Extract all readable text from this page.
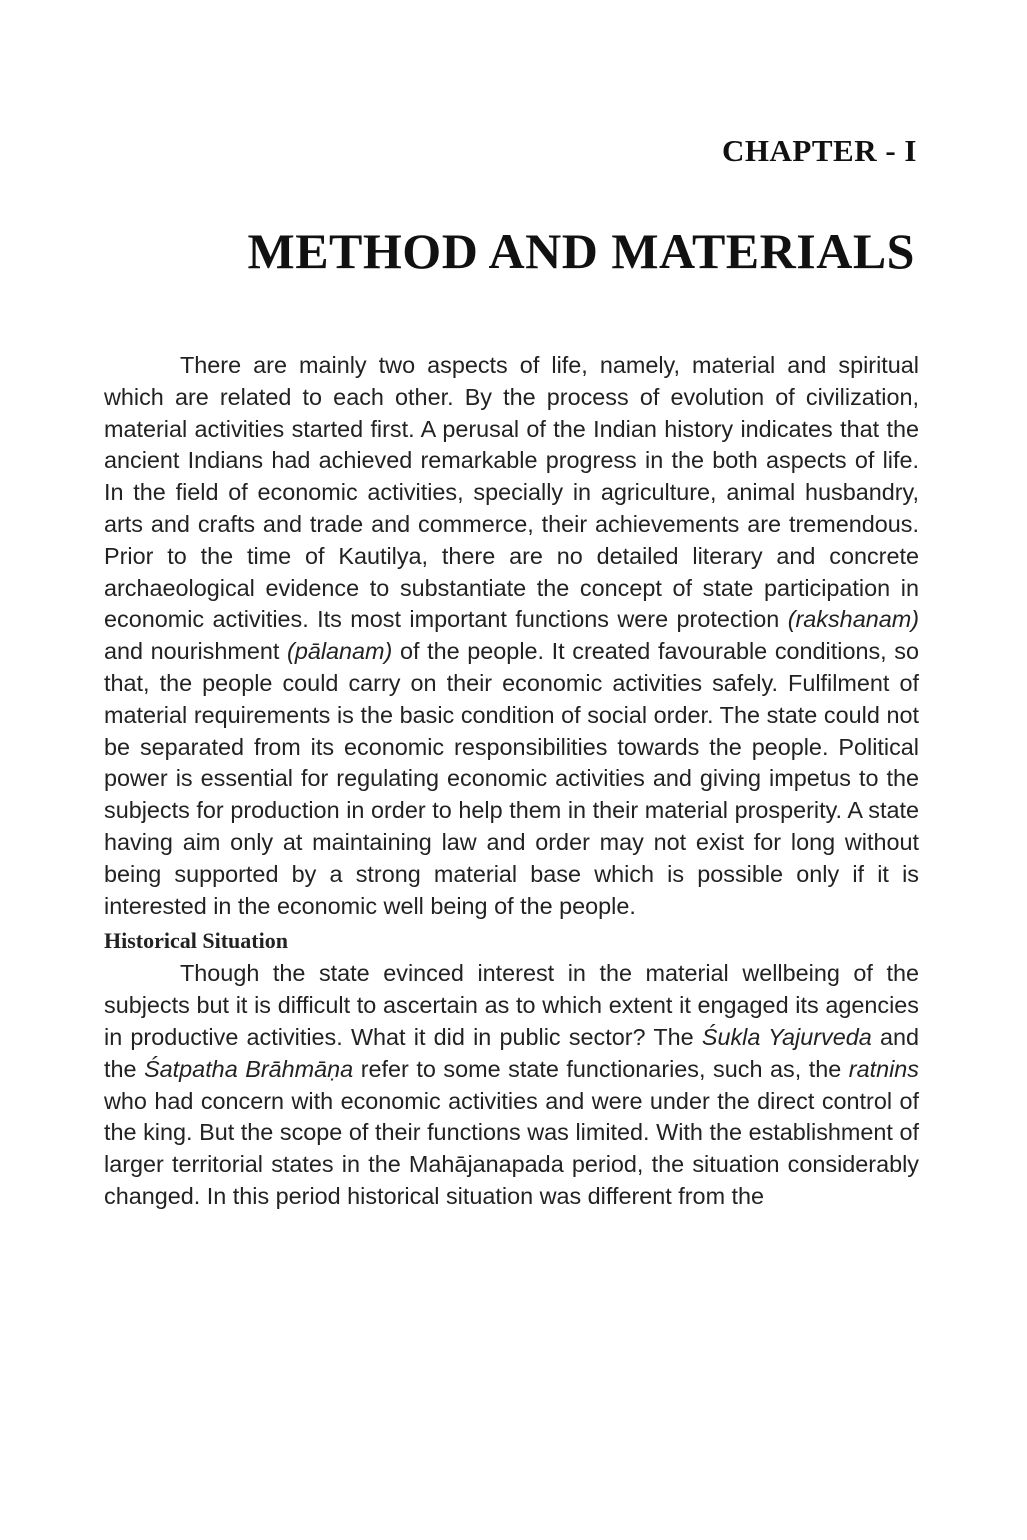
CHAPTER - I
METHOD AND MATERIALS

There are mainly two aspects of life, namely, material and spiritual which are related to each other. By the process of evolution of civilization, material activities started first. A perusal of the Indian history indicates that the ancient Indians had achieved remarkable progress in the both aspects of life. In the field of economic activities, specially in agriculture, animal husbandry, arts and crafts and trade and commerce, their achievements are tremendous. Prior to the time of Kautilya, there are no detailed literary and concrete archaeological evidence to substantiate the concept of state participation in economic activities. Its most important functions were protection (rakshanam) and nourishment (pālanam) of the people. It created favourable conditions, so that, the people could carry on their economic activities safely. Fulfilment of material requirements is the basic condition of social order. The state could not be separated from its economic responsibilities towards the people. Political power is essential for regulating economic activities and giving impetus to the subjects for production in order to help them in their material prosperity. A state having aim only at maintaining law and order may not exist for long without being supported by a strong material base which is possible only if it is interested in the economic well being of the people.

Historical Situation

Though the state evinced interest in the material wellbeing of the subjects but it is difficult to ascertain as to which extent it engaged its agencies in productive activities. What it did in public sector? The Śukla Yajurveda and the Śatpatha Brāhmāṇa refer to some state functionaries, such as, the ratnins who had concern with economic activities and were under the direct control of the king. But the scope of their functions was limited. With the establishment of larger territorial states in the Mahājanapada period, the situation considerably changed. In this period historical situation was different from the
